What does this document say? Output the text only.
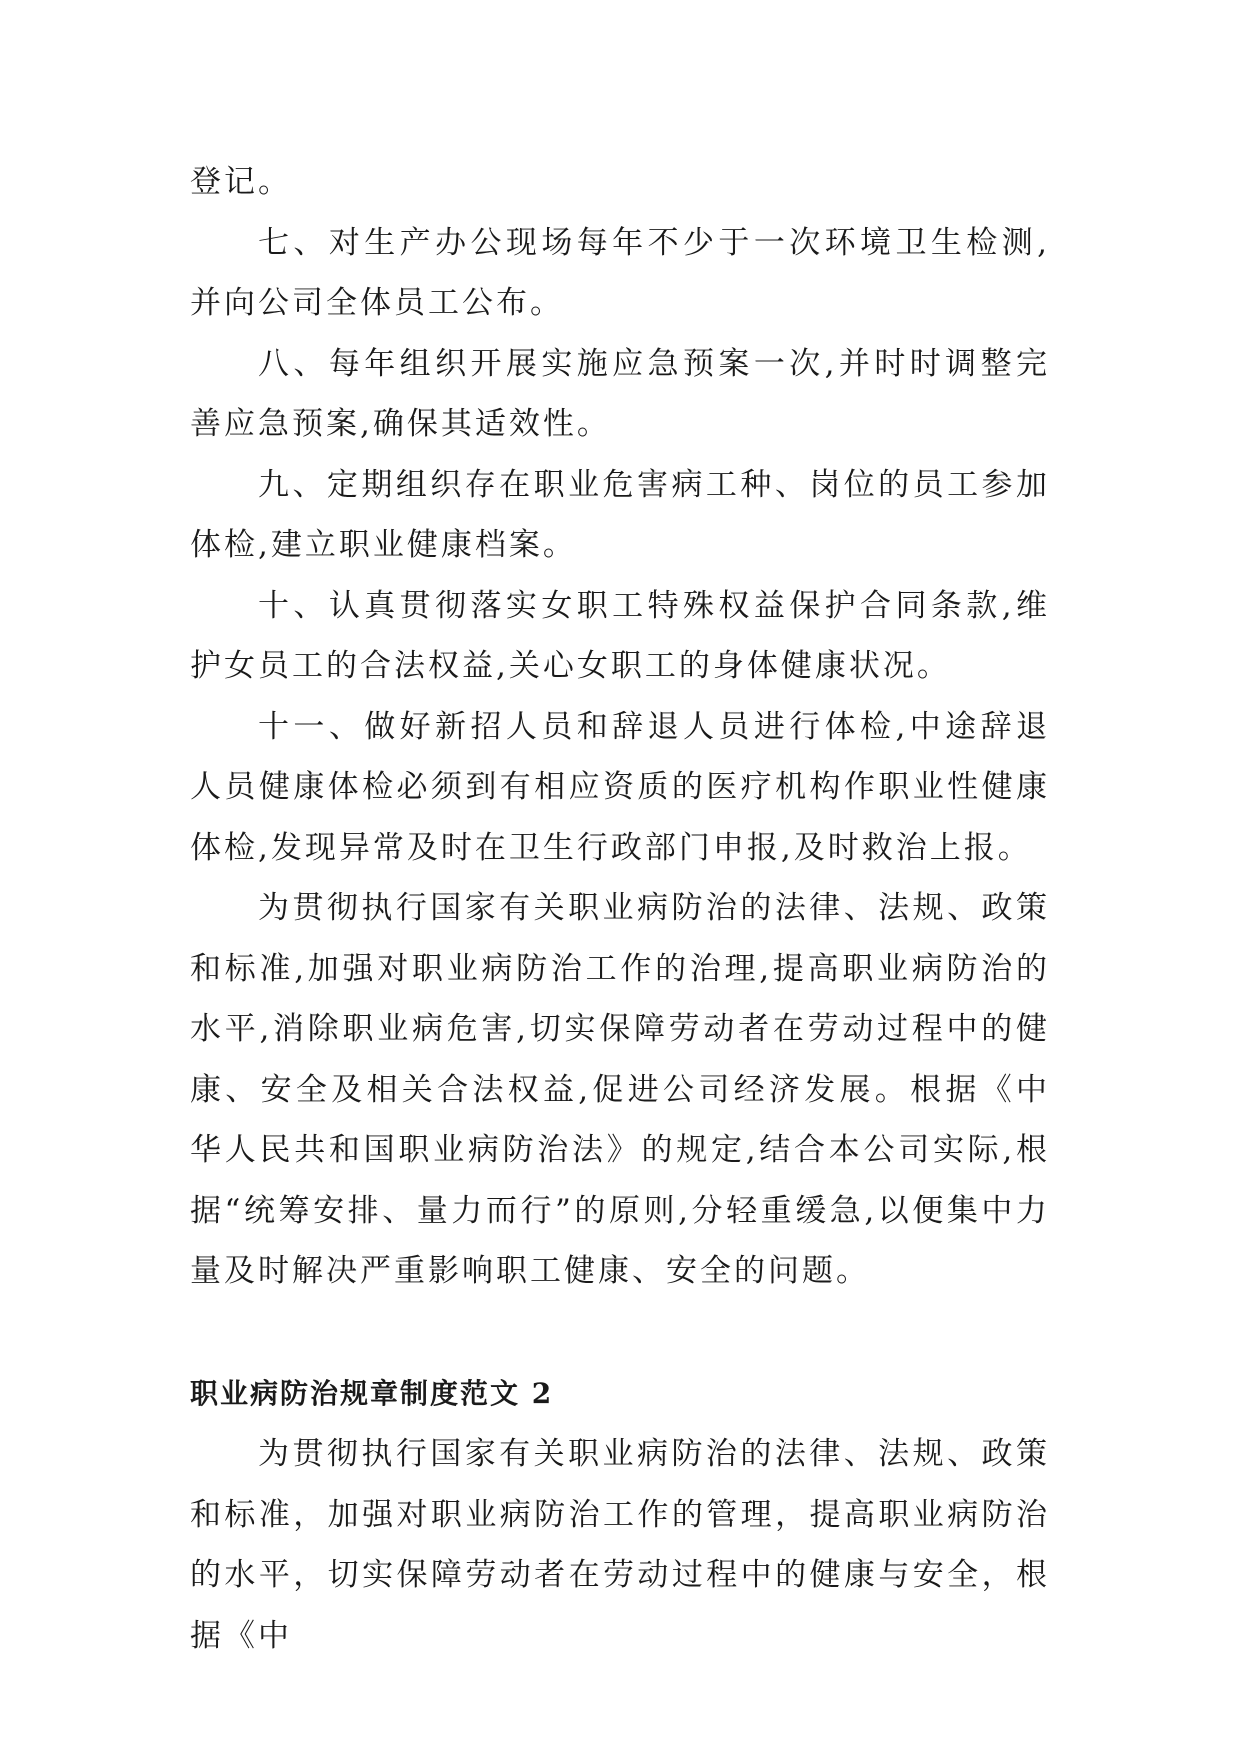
登记。

七、对生产办公现场每年不少于一次环境卫生检测,并向公司全体员工公布。

八、每年组织开展实施应急预案一次,并时时调整完善应急预案,确保其适效性。

九、定期组织存在职业危害病工种、岗位的员工参加体检,建立职业健康档案。

十、认真贯彻落实女职工特殊权益保护合同条款,维护女员工的合法权益,关心女职工的身体健康状况。

十一、做好新招人员和辞退人员进行体检,中途辞退人员健康体检必须到有相应资质的医疗机构作职业性健康体检,发现异常及时在卫生行政部门申报,及时救治上报。

为贯彻执行国家有关职业病防治的法律、法规、政策和标准,加强对职业病防治工作的治理,提高职业病防治的水平,消除职业病危害,切实保障劳动者在劳动过程中的健康、安全及相关合法权益,促进公司经济发展。根据《中华人民共和国职业病防治法》的规定,结合本公司实际,根据“统筹安排、量力而行”的原则,分轻重缓急,以便集中力量及时解决严重影响职工健康、安全的问题。

职业病防治规章制度范文 2

为贯彻执行国家有关职业病防治的法律、法规、政策和标准，加强对职业病防治工作的管理，提高职业病防治的水平，切实保障劳动者在劳动过程中的健康与安全，根据《中
